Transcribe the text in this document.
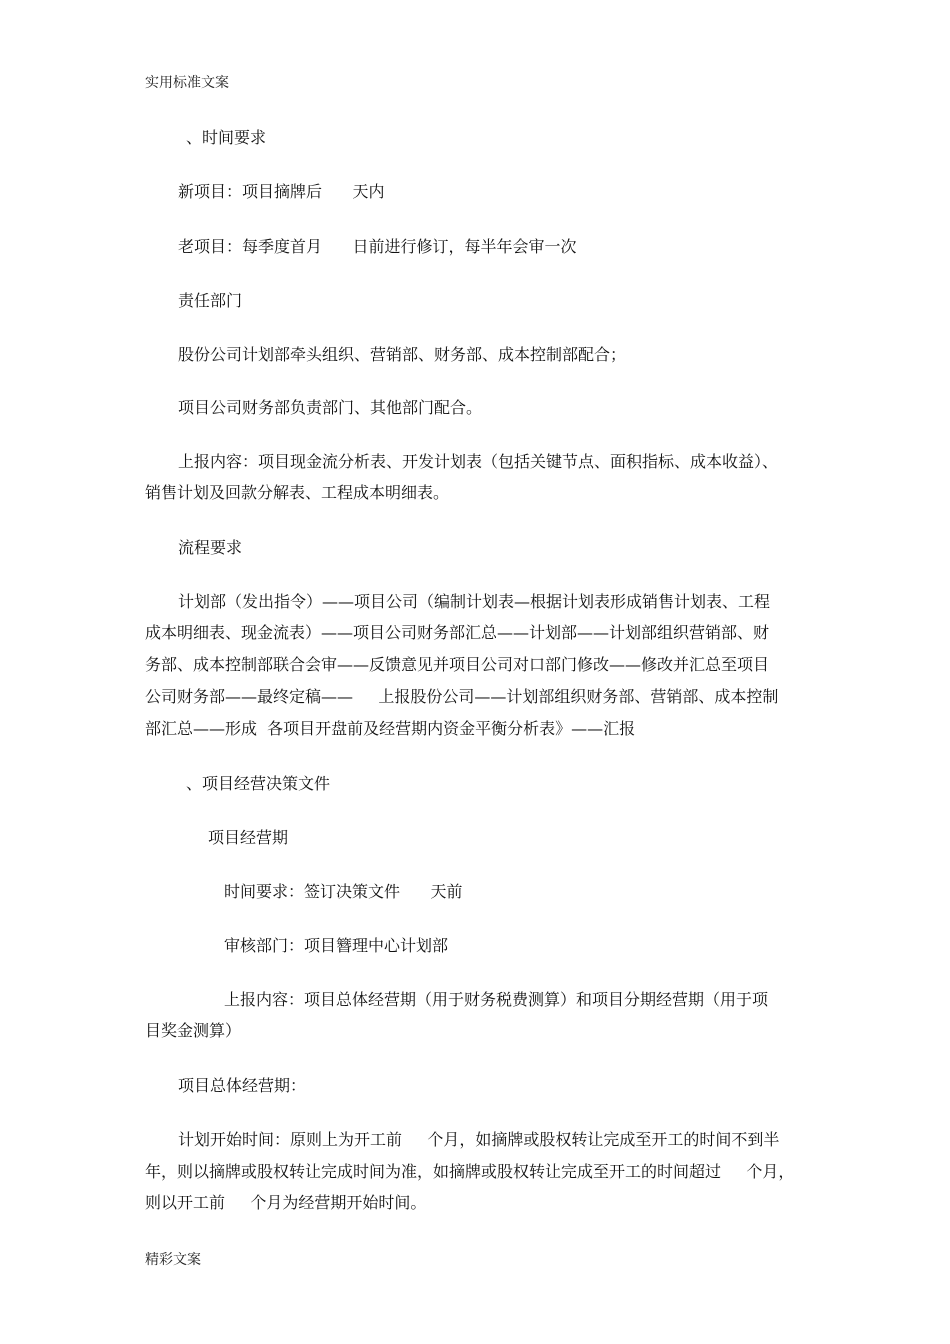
实用标准文案

、时间要求

新项目：项目摘牌后      天内

老项目：每季度首月      日前进行修订，每半年会审一次

责任部门

股份公司计划部牵头组织、营销部、财务部、成本控制部配合；

项目公司财务部负责部门、其他部门配合。

上报内容：项目现金流分析表、开发计划表（包括关键节点、面积指标、成本收益）、

销售计划及回款分解表、工程成本明细表。

流程要求

计划部（发出指令）——项目公司（编制计划表—根据计划表形成销售计划表、工程

成本明细表、现金流表）——项目公司财务部汇总——计划部——计划部组织营销部、财

务部、成本控制部联合会审——反馈意见并项目公司对口部门修改——修改并汇总至项目

公司财务部——最终定稿——     上报股份公司——计划部组织财务部、营销部、成本控制

部汇总——形成  各项目开盘前及经营期内资金平衡分析表》——汇报

、项目经营决策文件

项目经营期

时间要求：签订决策文件      天前

审核部门：项目簪理中心计划部

上报内容：项目总体经营期（用于财务税费测算）和项目分期经营期（用于项

目奖金测算）

项目总体经营期：

计划开始时间：原则上为开工前     个月，如摘牌或股权转让完成至开工的时间不到半

年，则以摘牌或股权转让完成时间为准，如摘牌或股权转让完成至开工的时间超过     个月，

则以开工前     个月为经营期开始时间。

精彩文案
